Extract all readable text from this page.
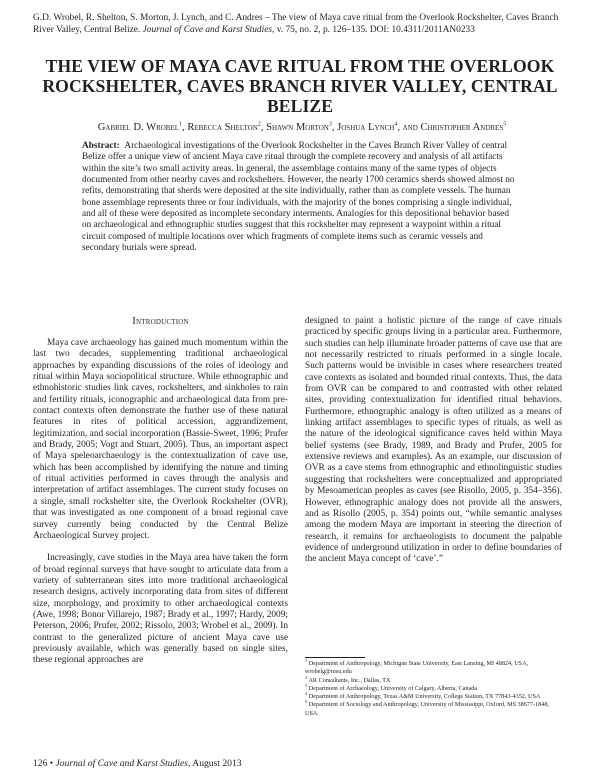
G.D. Wrobel, R. Shelton, S. Morton, J. Lynch, and C. Andres – The view of Maya cave ritual from the Overlook Rockshelter, Caves Branch River Valley, Central Belize. Journal of Cave and Karst Studies, v. 75, no. 2, p. 126–135. DOI: 10.4311/2011AN0233
THE VIEW OF MAYA CAVE RITUAL FROM THE OVERLOOK ROCKSHELTER, CAVES BRANCH RIVER VALLEY, CENTRAL BELIZE
Gabriel D. Wrobel$^1$, Rebecca Shelton$^2$, Shawn Morton$^3$, Joshua Lynch$^4$, and Christopher Andres$^5$
Abstract: Archaeological investigations of the Overlook Rockshelter in the Caves Branch River Valley of central Belize offer a unique view of ancient Maya cave ritual through the complete recovery and analysis of all artifacts within the site’s two small activity areas. In general, the assemblage contains many of the same types of objects documented from other nearby caves and rockshelters. However, the nearly 1700 ceramics sherds showed almost no refits, demonstrating that sherds were deposited at the site individually, rather than as complete vessels. The human bone assemblage represents three or four individuals, with the majority of the bones comprising a single individual, and all of these were deposited as incomplete secondary interments. Analogies for this depositional behavior based on archaeological and ethnographic studies suggest that this rockshelter may represent a waypoint within a ritual circuit composed of multiple locations over which fragments of complete items such as ceramic vessels and secondary burials were spread.
Introduction

Maya cave archaeology has gained much momentum within the last two decades, supplementing traditional archaeological approaches by expanding discussions of the roles of ideology and ritual within Maya sociopolitical structure. While ethnographic and ethnohistoric studies link caves, rockshelters, and sinkholes to rain and fertility rituals, iconographic and archaeological data from pre-contact contexts often demonstrate the further use of these natural features in rites of political accession, aggrandizement, legitimization, and social incorporation (Bassie-Sweet, 1996; Prufer and Brady, 2005; Vogt and Stuart, 2005). Thus, an important aspect of Maya speleoarchaeology is the contextualization of cave use, which has been accomplished by identifying the nature and timing of ritual activities performed in caves through the analysis and interpretation of artifact assemblages. The current study focuses on a single, small rockshelter site, the Overlook Rockshelter (OVR), that was investigated as one component of a broad regional cave survey currently being conducted by the Central Belize Archaeological Survey project.

Increasingly, cave studies in the Maya area have taken the form of broad regional surveys that have sought to articulate data from a variety of subterranean sites into more traditional archaeological research designs, actively incorporating data from sites of different size, morphology, and proximity to other archaeological contexts (Awe, 1998; Bonor Villarejo, 1987; Brady et al., 1997; Hardy, 2009; Peterson, 2006; Prufer, 2002; Rissolo, 2003; Wrobel et al., 2009). In contrast to the generalized picture of ancient Maya cave use previously available, which was generally based on single sites, these regional approaches are

designed to paint a holistic picture of the range of cave rituals practiced by specific groups living in a particular area. Furthermore, such studies can help illuminate broader patterns of cave use that are not necessarily restricted to rituals performed in a single locale. Such patterns would be invisible in cases where researchers treated cave contexts as isolated and bounded ritual contexts. Thus, the data from OVR can be compared to and contrasted with other related sites, providing contextualization for identified ritual behaviors. Furthermore, ethnographic analogy is often utilized as a means of linking artifact assemblages to specific types of rituals, as well as the nature of the ideological significance caves held within Maya belief systems (see Brady, 1989, and Brady and Prufer, 2005 for extensive reviews and examples). As an example, our discussion of OVR as a cave stems from ethnographic and ethnolinguistic studies suggesting that rockshelters were conceptualized and appropriated by Mesoamerican peoples as caves (see Risollo, 2005, p. 354–356). However, ethnographic analogy does not provide all the answers, and as Risollo (2005, p. 354) points out, “while semantic analyses among the modern Maya are important in steering the direction of research, it remains for archaeologists to document the palpable evidence of underground utilization in order to define boundaries of the ancient Maya concept of ‘cave’.”

$^1$ Department of Anthropology, Michigan State University, East Lansing, MI 48824, USA, wrobelg@msu.edu

$^2$ AR Consultants, Inc., Dallas, TX

$^3$ Department of Archaeology, University of Calgary, Alberta, Canada

$^4$ Department of Anthropology, Texas A&M University, College Station, TX 77843-4352, USA

$^5$ Department of Sociology and Anthropology, University of Mississippi, Oxford, MS 38677-1848, USA

126 • Journal of Cave and Karst Studies, August 2013
